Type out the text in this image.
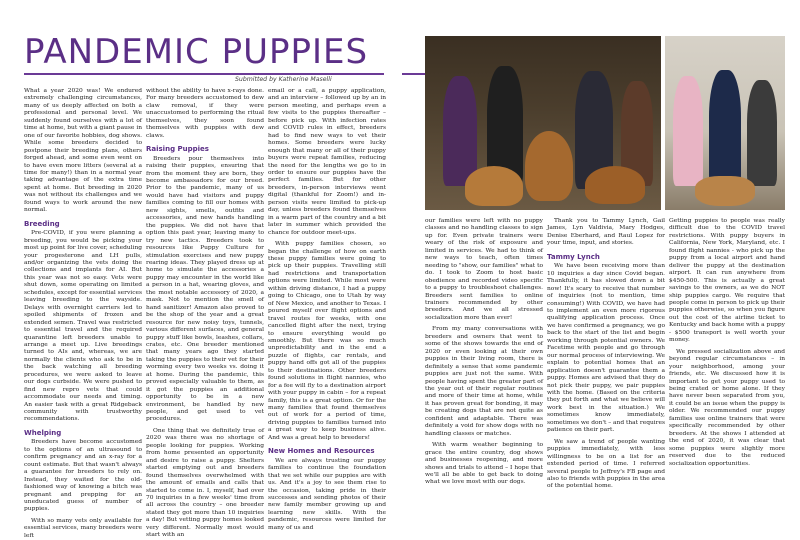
PANDEMIC PUPPIES
Submitted by Katherine Maselli

What a year 2020 was! We endured extremely challenging circumstances, many of us deeply affected on both a professional and personal level. We suddenly found ourselves with a lot of time at home, but with a giant pause in one of our favorite hobbies, dog shows. While some breeders decided to postpone their breeding plans, others forged ahead, and some even went on to have even more litters (several at a time for many!) than in a normal year taking advantage of the extra time spent at home. But breeding in 2020 was not without its challenges and we found ways to work around the new normal.

Breeding

Pre-COVID, if you were planning a breeding, you would be picking your most up point for live cover, scheduling your progesterone and LH pulls, and/or organizing the vets doing the collections and implants for AI. But this year was not so easy. Vets were shut down, some operating on limited schedules, except for essential services leaving breeding to the wayside. Delays with overnight carriers led to spoiled shipments of frozen and extended semen. Travel was restricted to essential travel and the required quarantine left breeders unable to arrange a meet up. Live breedings turned to AIs and, whereas, we are normally the clients who ask to be in the back watching all breeding procedures, we were asked to leave our dogs curbside. We were pushed to find new repro vets that could accommodate our needs and timing. An easier task with a great Ridgeback community with trustworthy recommendations.

Whelping

Breeders have become accustomed to the options of an ultrasound to confirm pregnancy and an x-ray for a count estimate. But that wasn't always a guarantee for breeders to rely on. Instead, they waited for the old-fashioned way of knowing a bitch was pregnant and prepping for an uneducated guess of number of puppies.

With so many vets only available for essential services, many breeders were left

without the ability to have x-rays done. For many breeders accustomed to dew claw removal, if they were unaccustomed to performing the ritual themselves, they soon found themselves with puppies with dew claws.

Raising Puppies

Breeders pour themselves into raising their puppies, ensuring that from the moment they are born, they become ambassadors for our breed. Prior to the pandemic, many of us would have had visitors and puppy families coming to fill our homes with new sights, smells, outfits and accessories, and new hands handling the puppies. We did not have that option this past year, leaving many to try new tactics. Breeders took to resources like Puppy Culture for stimulation exercises and new puppy rearing ideas. They played dress up at home to simulate the accessories a puppy may encounter in the world like a person in a hat, wearing gloves, and the most notable accessory of 2020, a mask. Not to mention the smell of hand sanitizer! Amazon also proved to be the shop of the year and a great resource for new noisy toys, tunnels, various different surfaces, and general puppy stuff like bowls, leashes, collars, crates, etc. One breeder mentioned that many years ago they started taking the puppies to their vet for their worming every two weeks vs. doing it at home. During the pandemic, this proved especially valuable to them, as it got the puppies an additional opportunity to be in a new environment, be handled by new people, and get used to vet procedures.

One thing that we definitely true of 2020 was there was no shortage of people looking for puppies. Working from home presented an opportunity and desire to raise a puppy. Shelters started emptying out and breeders found themselves overwhelmed with the amount of emails and calls that started to come in. I, myself, had over 70 inquiries in a few weeks' time from all across the country – one breeder stated they got more than 10 inquiries a day! But vetting puppy homes looked very different. Normally most would start with an

email or a call, a puppy application, and an interview – followed up by an in person meeting, and perhaps even a few visits to the puppies thereafter – before pick up. With infection rates and COVID rules in effect, breeders had to find new ways to vet their homes. Some breeders were lucky enough that many or all of their puppy buyers were repeat families, reducing the need for the lengths we go to in order to ensure our puppies have the perfect families. But for other breeders, in-person interviews went digital (thankful for Zoom!) and in-person visits were limited to pick-up day, unless breeders found themselves in a warm part of the country and a bit later in summer which provided the chance for outdoor meet-ups.

With puppy families chosen, so began the challenge of how on earth these puppy families were going to pick up their puppies. Travelling still had restrictions and transportation options were limited. While most were within driving distance, I had a puppy going to Chicago, one to Utah by way of New Mexico, and another to Texas. I poured myself over flight options and travel routes for weeks, with one cancelled flight after the next, trying to ensure everything would go smoothly. But there was so much unpredictability and in the end a puzzle of flights, car rentals, and puppy hand offs got all of the puppies to their destinations. Other breeders found solutions in flight nannies, who for a fee will fly to a destination airport with your puppy in cabin – for a repeat family, this is a great option. Or for the many families that found themselves out of work for a period of time, driving puppies to families turned into a great way to keep business alive. And was a great help to breeders!

New Homes and Resources

We are always trusting our puppy families to continue the foundation that we set while our puppies are with us. And it's a joy to see them rise to the occasion, taking pride in their successes and sending photos of their new family member growing up and learning new skills. With the pandemic, resources were limited for many of us and

our families were left with no puppy classes and no handling classes to sign up for. Even private trainers were weary of the risk of exposure and limited in services. We had to think of new ways to teach, often times needing to "show, our families" what to do. I took to Zoom to host basic obedience and recorded video specific to a puppy to troubleshoot challenges. Breeders sent families to online trainers recommended by other breeders. And we all stressed socialization more than ever!

From my many conversations with breeders and owners that went to some of the shows towards the end of 2020 or even looking at their own puppies in their living room, there is definitely a sense that some pandemic puppies are just not the same. With people having spent the greater part of the year out of their regular routines and more of their time at home, while it has proven great for bonding, it may be creating dogs that are not quite as confident and adaptable. There was definitely a void for show dogs with no handling classes or matches.

With warm weather beginning to grace the entire country, dog shows and businesses reopening, and more shows and trials to attend – I hope that we'll all be able to get back to doing what we love most with our dogs.

Thank you to Tammy Lynch, Gail James, Lyn Valdivia, Mary Hodges, Denise Eberhard, and Raul Lopez for your time, input, and stories.

Tammy Lynch

We have been receiving more than 10 inquiries a day since Covid began. Thankfully, it has slowed down a bit now! It's scary to receive that number of inquiries (not to mention, time consuming!) With COVID, we have had to implement an even more rigorous qualifying application process. Once we have confirmed a pregnancy, we go back to the start of the list and begin working through potential owners. We Facetime with people and go through our normal process of interviewing. We explain to potential homes that an application doesn't guarantee them a puppy. Homes are advised that they do not pick their puppy, we pair puppies with the home. (Based on the criteria they put forth and what we believe will work best in the situation.) We sometimes know immediately, sometimes we don't – and that requires patience on their part.

We saw a trend of people wanting puppies immediately, with less willingness to be on a list for an extended period of time. I referred several people to Jeffrey's FB page and also to friends with puppies in the area of the potential home.

Getting puppies to people was really difficult due to the COVID travel restrictions. With puppy buyers in California, New York, Maryland, etc. I found flight nannies - who pick up the puppy from a local airport and hand deliver the puppy at the destination airport. It can run anywhere from $450-500. This is actually a great savings to the owners, as we do NOT ship puppies cargo. We require that people come in person to pick up their puppies otherwise, so when you figure out the cost of the airline ticket to Kentucky and back home with a puppy - $500 transport is well worth your money.

We pressed socialization above and beyond regular circumstances – in your neighborhood, among your friends, etc. We discussed how it is important to get your puppy used to being crated or home alone. If they have never been separated from you, it could be an issue when the puppy is older. We recommended our puppy families use online trainers that were specifically recommended by other breeders. At the shows I attended at the end of 2020, it was clear that some puppies were slightly more reserved due to the reduced socialization opportunities.
